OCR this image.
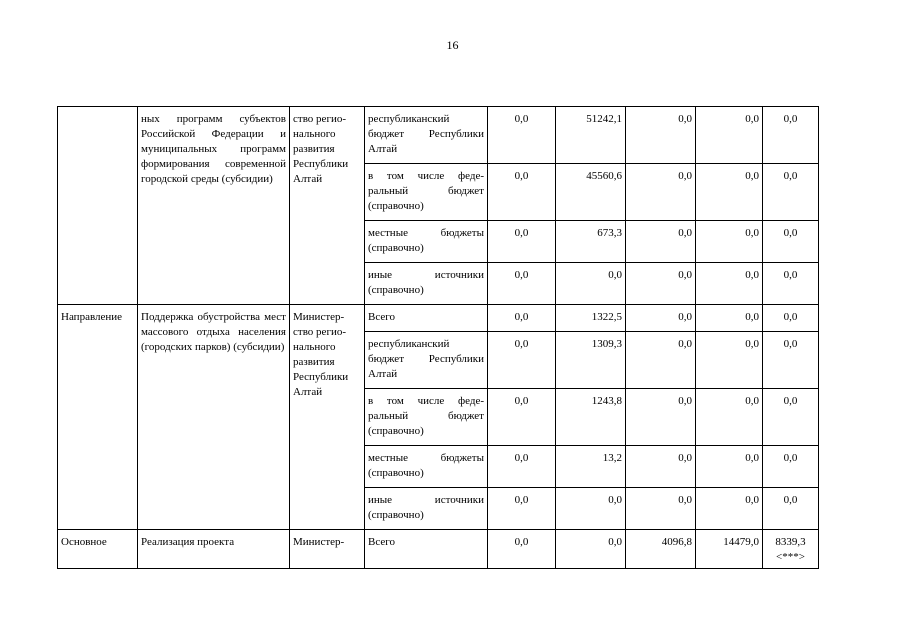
16
	ных программ субъектов Российской Федерации и муниципальных программ формирования современной городской среды (субсидии)	ство регио-нального развития Республики Алтай	республиканский бюджет Республики Алтай	0,0	51242,1	0,0	0,0	0,0
			в том числе феде-ральный бюджет (справочно)	0,0	45560,6	0,0	0,0	0,0
			местные бюджеты (справочно)	0,0	673,3	0,0	0,0	0,0
			иные источники (справочно)	0,0	0,0	0,0	0,0	0,0
Направление	Поддержка обустройства мест массового отдыха населения (городских парков) (субсидии)	Министер-ство регио-нального развития Республики Алтай	Всего	0,0	1322,5	0,0	0,0	0,0
			республиканский бюджет Республики Алтай	0,0	1309,3	0,0	0,0	0,0
			в том числе феде-ральный бюджет (справочно)	0,0	1243,8	0,0	0,0	0,0
			местные бюджеты (справочно)	0,0	13,2	0,0	0,0	0,0
			иные источники (справочно)	0,0	0,0	0,0	0,0	0,0
Основное	Реализация проекта	Министер-	Всего	0,0	0,0	4096,8	14479,0	8339,3 <***>
